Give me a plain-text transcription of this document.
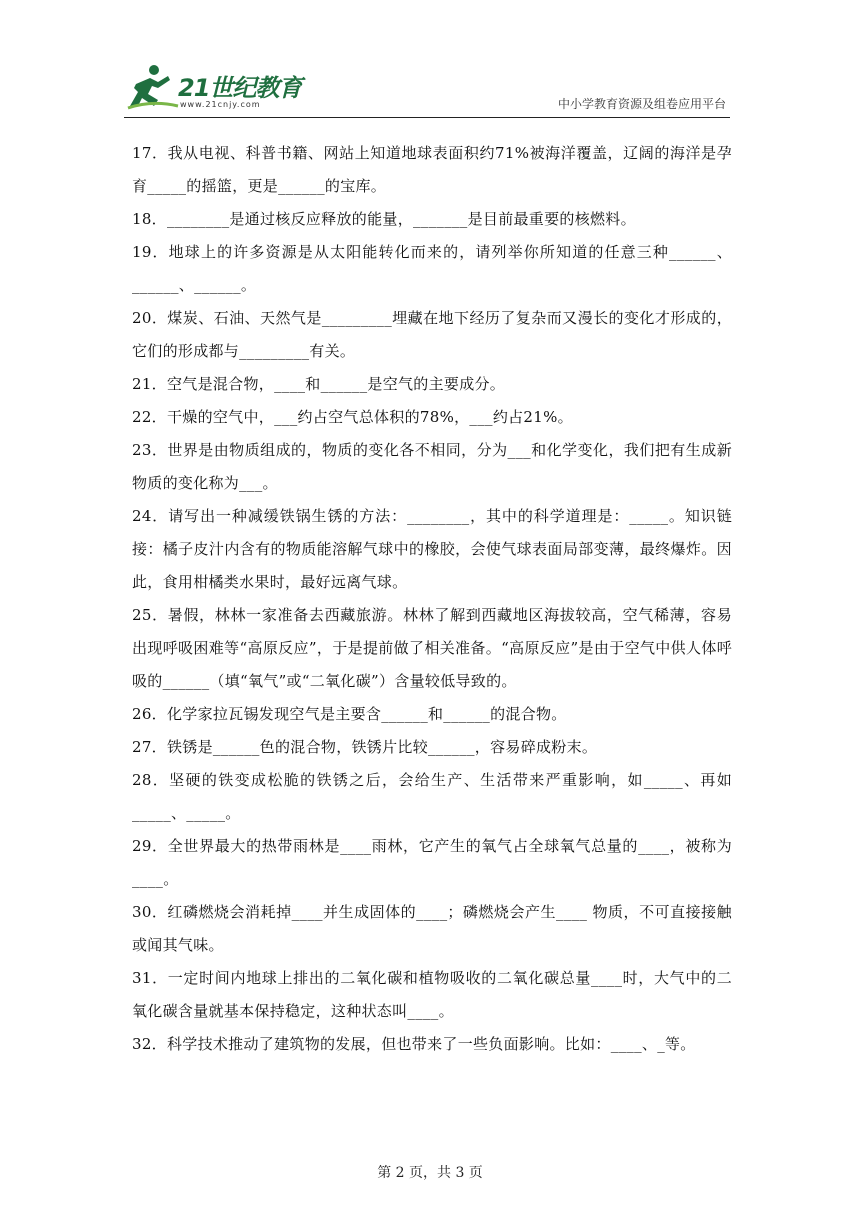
21世纪教育
www.21cnjy.com	中小学教育资源及组卷应用平台

17．我从电视、科普书籍、网站上知道地球表面积约71%被海洋覆盖，辽阔的海洋是孕育_____的摇篮，更是______的宝库。

18．________是通过核反应释放的能量，_______是目前最重要的核燃料。

19．地球上的许多资源是从太阳能转化而来的，请列举你所知道的任意三种______、______、______。

20．煤炭、石油、天然气是_________埋藏在地下经历了复杂而又漫长的变化才形成的，它们的形成都与_________有关。

21．空气是混合物，____和______是空气的主要成分。

22．干燥的空气中，___约占空气总体积的78%，___约占21%。

23．世界是由物质组成的，物质的变化各不相同，分为___和化学变化，我们把有生成新物质的变化称为___。

24．请写出一种减缓铁锅生锈的方法：________，其中的科学道理是：_____。知识链接：橘子皮汁内含有的物质能溶解气球中的橡胶，会使气球表面局部变薄，最终爆炸。因此，食用柑橘类水果时，最好远离气球。

25．暑假，林林一家准备去西藏旅游。林林了解到西藏地区海拔较高，空气稀薄，容易出现呼吸困难等“高原反应”，于是提前做了相关准备。“高原反应”是由于空气中供人体呼吸的______（填“氧气”或“二氧化碳”）含量较低导致的。

26．化学家拉瓦锡发现空气是主要含______和______的混合物。

27．铁锈是______色的混合物，铁锈片比较______，容易碎成粉末。

28．坚硬的铁变成松脆的铁锈之后，会给生产、生活带来严重影响，如_____、再如_____、_____。

29．全世界最大的热带雨林是____雨林，它产生的氧气占全球氧气总量的____，被称为____。

30．红磷燃烧会消耗掉____并生成固体的____；磷燃烧会产生____ 物质，不可直接接触或闻其气味。

31．一定时间内地球上排出的二氧化碳和植物吸收的二氧化碳总量____时，大气中的二氧化碳含量就基本保持稳定，这种状态叫____。

32．科学技术推动了建筑物的发展，但也带来了一些负面影响。比如：____、_等。

第 2 页，共 3 页
